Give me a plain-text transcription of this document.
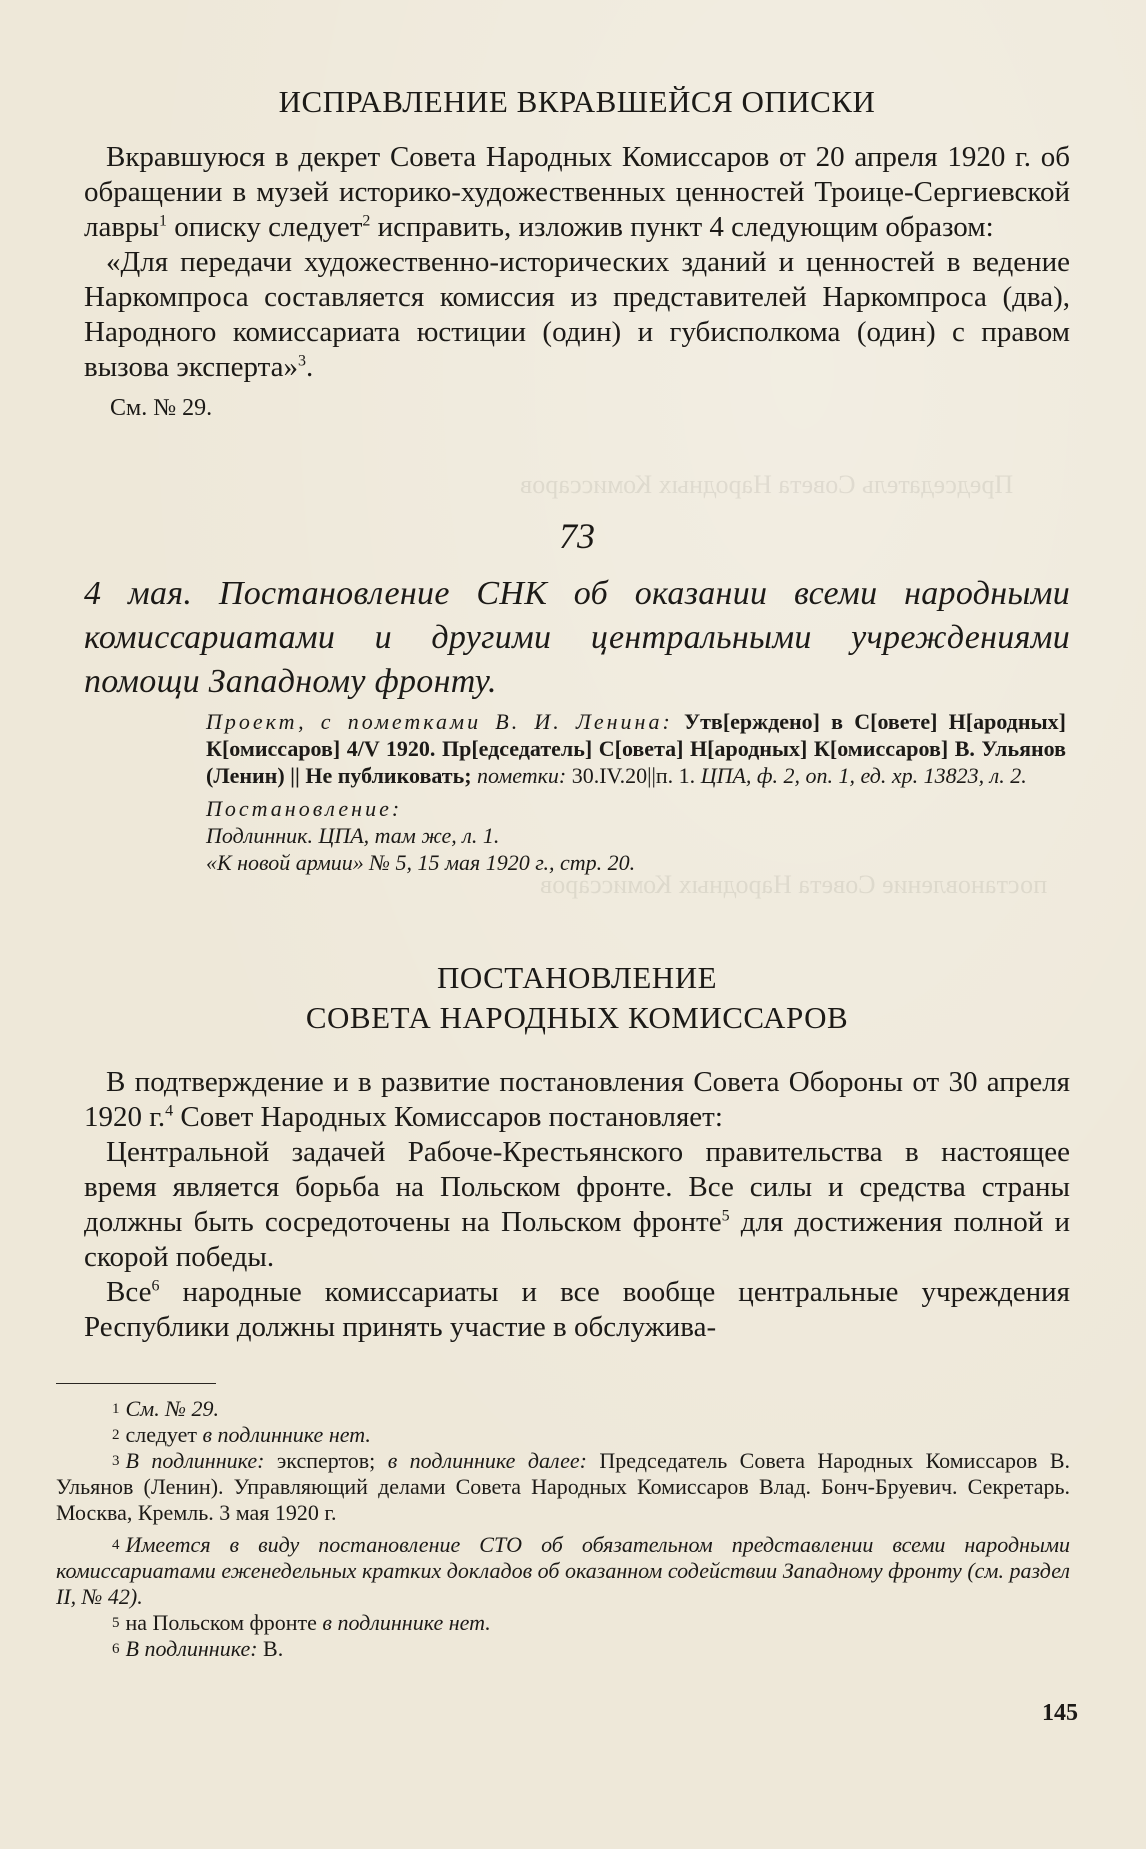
Председатель Совета Народных Комиссаров
постановление Совета Народных Комиссаров
ИСПРАВЛЕНИЕ ВКРАВШЕЙСЯ ОПИСКИ

Вкравшуюся в декрет Совета Народных Комиссаров от 20 апреля 1920 г. об обращении в музей историко-художественных ценностей Троице-Сергиевской лавры$^1$ описку следует$^2$ исправить, изложив пункт 4 следующим образом:

«Для передачи художественно-исторических зданий и ценностей в ведение Наркомпроса составляется комиссия из представителей Наркомпроса (два), Народного комиссариата юстиции (один) и губисполкома (один) с правом вызова эксперта»$^3$.

См. № 29.

73

4 мая. Постановление СНК об оказании всеми народными комиссариатами и другими центральными учреждениями помощи Западному фронту.

Проект, с пометками В. И. Ленина: Утв[ерждено] в С[овете] Н[ародных] К[омиссаров] 4/V 1920. Пр[едседатель] С[овета] Н[ародных] К[омиссаров] В. Ульянов (Ленин) || Не публиковать; пометки: 30.IV.20||п. 1. ЦПА, ф. 2, оп. 1, ед. хр. 13823, л. 2.

Постановление:

Подлинник. ЦПА, там же, л. 1.

«К новой армии» № 5, 15 мая 1920 г., стр. 20.

ПОСТАНОВЛЕНИЕ
СОВЕТА НАРОДНЫХ КОМИССАРОВ

В подтверждение и в развитие постановления Совета Обороны от 30 апреля 1920 г.$^4$ Совет Народных Комиссаров постановляет:

Центральной задачей Рабоче-Крестьянского правительства в настоящее время является борьба на Польском фронте. Все силы и средства страны должны быть сосредоточены на Польском фронте$^5$ для достижения полной и скорой победы.

Все$^6$ народные комиссариаты и все вообще центральные учреждения Республики должны принять участие в обслужива-

$^1$ См. № 29.

$^2$ следует в подлиннике нет.

$^3$ В подлиннике: экспертов; в подлиннике далее: Председатель Совета Народных Комиссаров В. Ульянов (Ленин). Управляющий делами Совета Народных Комиссаров Влад. Бонч-Бруевич. Секретарь. Москва, Кремль. 3 мая 1920 г.

$^4$ Имеется в виду постановление СТО об обязательном представлении всеми народными комиссариатами еженедельных кратких докладов об оказанном содействии Западному фронту (см. раздел II, № 42).

$^5$ на Польском фронте в подлиннике нет.

$^6$ В подлиннике: В.

145
